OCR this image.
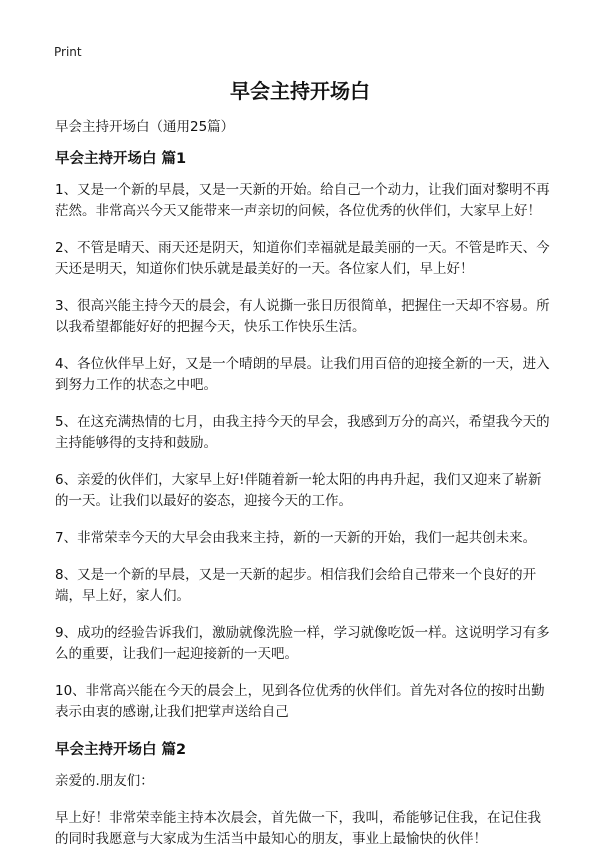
Print
早会主持开场白

早会主持开场白（通用25篇）

早会主持开场白 篇1

1、又是一个新的早晨，又是一天新的开始。给自己一个动力，让我们面对黎明不再茫然。非常高兴今天又能带来一声亲切的问候，各位优秀的伙伴们，大家早上好！

2、不管是晴天、雨天还是阴天，知道你们幸福就是最美丽的一天。不管是昨天、今天还是明天，知道你们快乐就是最美好的一天。各位家人们，早上好！

3、很高兴能主持今天的晨会，有人说撕一张日历很简单，把握住一天却不容易。所以我希望都能好好的把握今天，快乐工作快乐生活。

4、各位伙伴早上好，又是一个晴朗的早晨。让我们用百倍的迎接全新的一天，进入到努力工作的状态之中吧。

5、在这充满热情的七月，由我主持今天的早会，我感到万分的高兴，希望我今天的主持能够得的支持和鼓励。

6、亲爱的伙伴们，大家早上好!伴随着新一轮太阳的冉冉升起，我们又迎来了崭新的一天。让我们以最好的姿态，迎接今天的工作。

7、非常荣幸今天的大早会由我来主持，新的一天新的开始，我们一起共创未来。

8、又是一个新的早晨，又是一天新的起步。相信我们会给自己带来一个良好的开端，早上好，家人们。

9、成功的经验告诉我们，激励就像洗脸一样，学习就像吃饭一样。这说明学习有多么的重要，让我们一起迎接新的一天吧。

10、非常高兴能在今天的晨会上，见到各位优秀的伙伴们。首先对各位的按时出勤表示由衷的感谢,让我们把掌声送给自己

早会主持开场白 篇2

亲爱的.朋友们：

早上好！非常荣幸能主持本次晨会，首先做一下，我叫，希能够记住我，在记住我的同时我愿意与大家成为生活当中最知心的朋友，事业上最愉快的伙伴！
